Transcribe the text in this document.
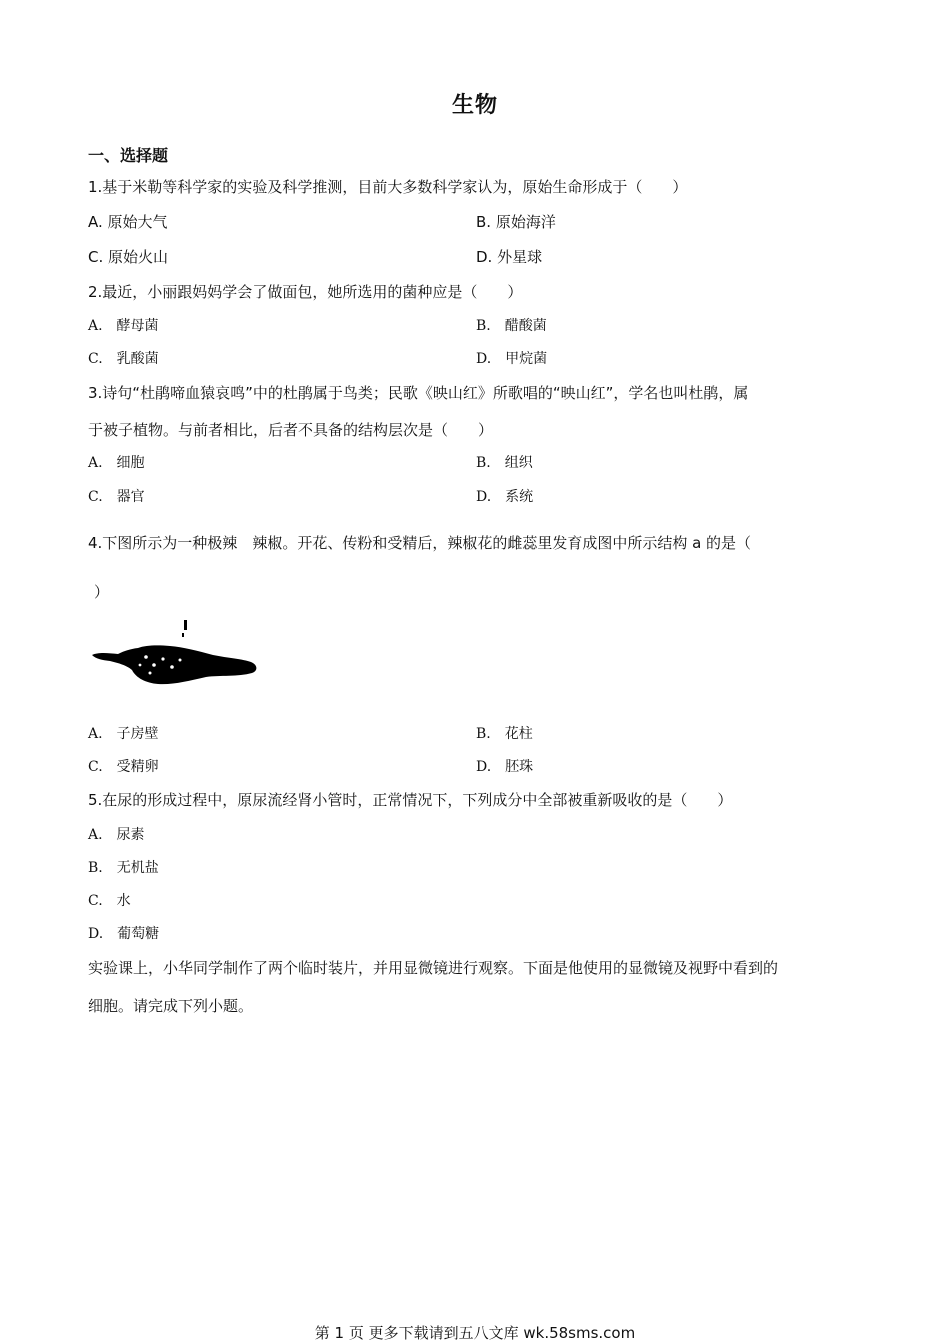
生物
一、选择题
1.基于米勒等科学家的实验及科学推测，目前大多数科学家认为，原始生命形成于（　　）
A. 原始大气	B. 原始海洋
C. 原始火山	D. 外星球
2.最近，小丽跟妈妈学会了做面包，她所选用的菌种应是（　　）
A.　酵母菌	B.　醋酸菌
C.　乳酸菌	D.　甲烷菌
3.诗句“杜鹃啼血猿哀鸣”中的杜鹃属于鸟类；民歌《映山红》所歌唱的“映山红”，学名也叫杜鹃，属
于被子植物。与前者相比，后者不具备的结构层次是（　　）
A.　细胞	B.　组织
C.　器官	D.　系统
4.下图所示为一种极辣　辣椒。开花、传粉和受精后，辣椒花的雌蕊里发育成图中所示结构 a 的是（
）
A.　子房壁	B.　花柱
C.　受精卵	D.　胚珠
5.在尿的形成过程中，原尿流经肾小管时，正常情况下，下列成分中全部被重新吸收的是（　　）
A.　尿素
B.　无机盐
C.　水
D.　葡萄糖
实验课上，小华同学制作了两个临时装片，并用显微镜进行观察。下面是他使用的显微镜及视野中看到的
细胞。请完成下列小题。
第 1 页 更多下载请到五八文库 wk.58sms.com
